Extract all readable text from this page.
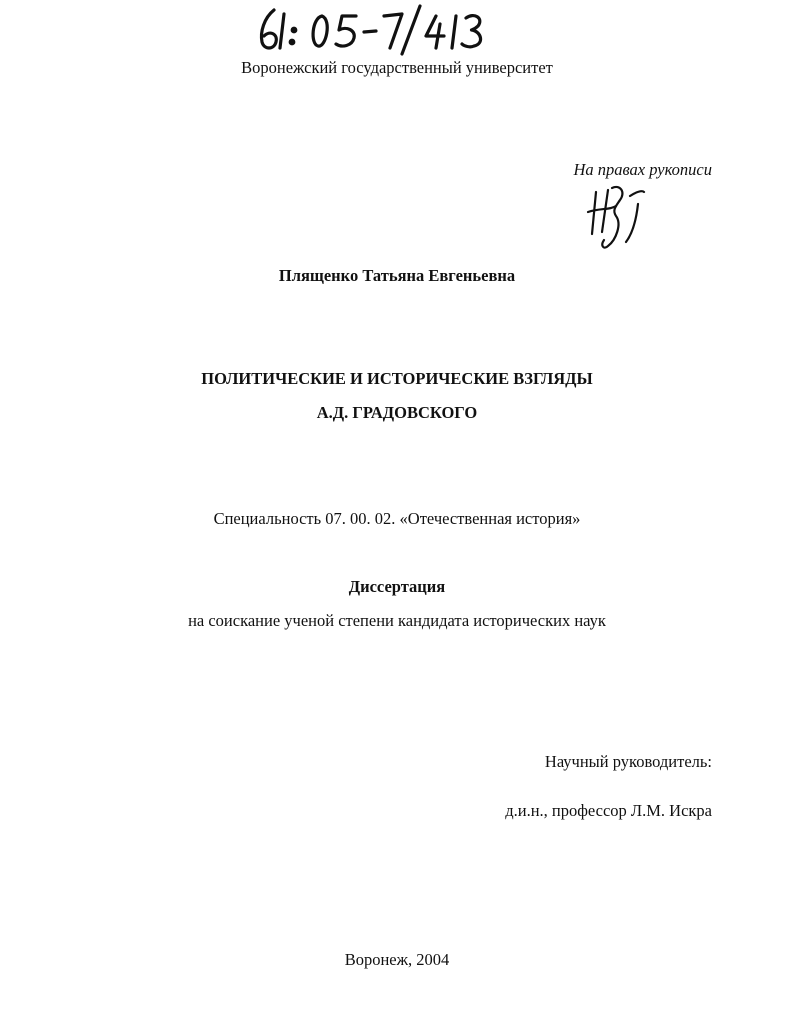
Воронежский государственный университет
На правах рукописи
Плященко Татьяна Евгеньевна
ПОЛИТИЧЕСКИЕ И ИСТОРИЧЕСКИЕ ВЗГЛЯДЫ
А.Д. ГРАДОВСКОГО
Специальность 07. 00. 02. «Отечественная история»
Диссертация
на соискание ученой степени кандидата исторических наук
Научный руководитель:
д.и.н., профессор Л.М. Искра
Воронеж, 2004
